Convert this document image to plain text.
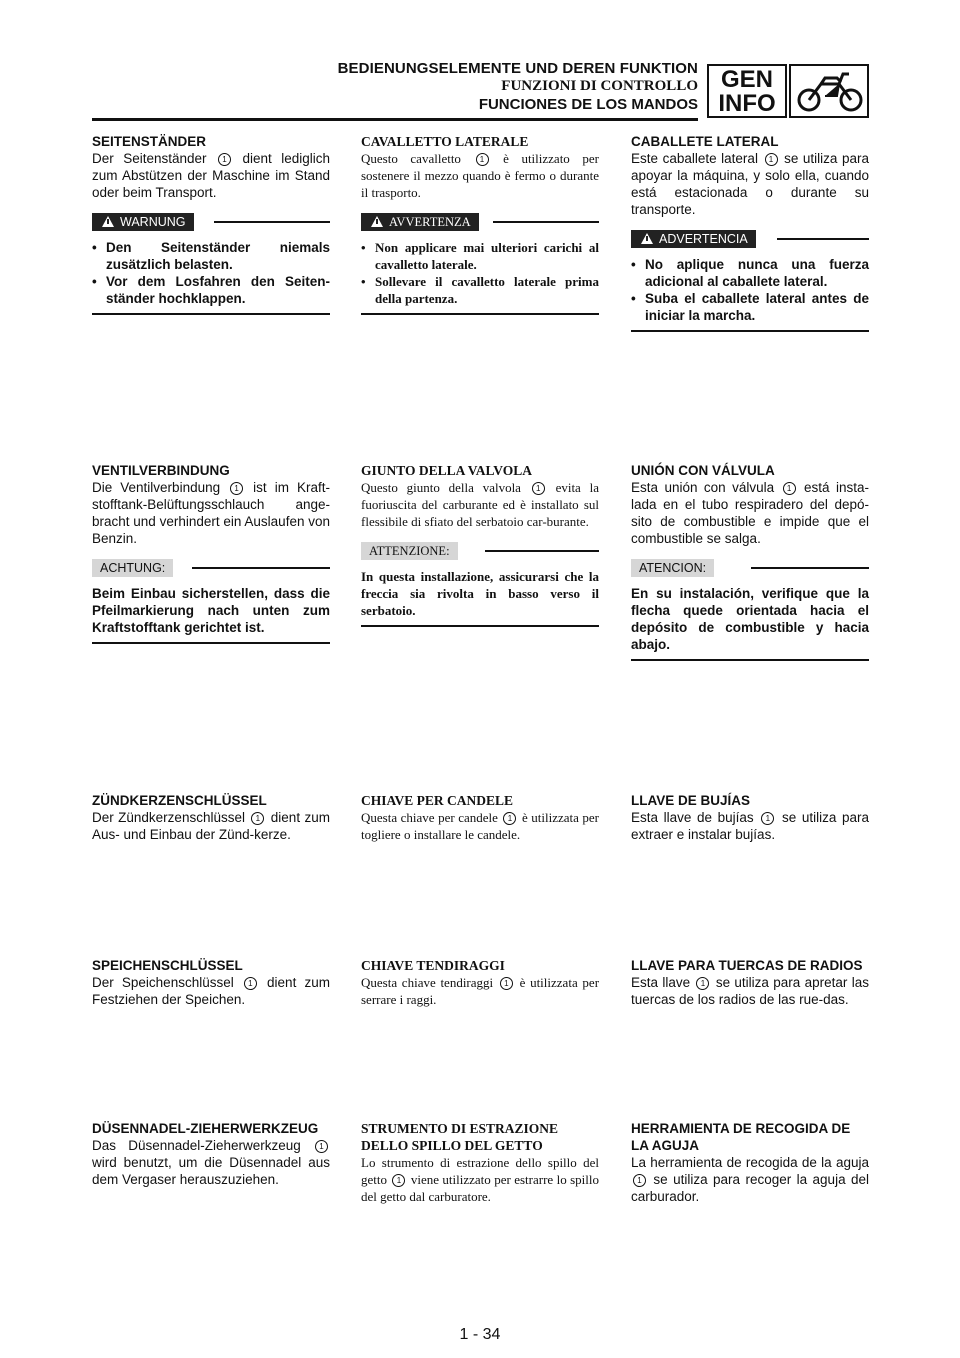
BEDIENUNGSELEMENTE UND DEREN FUNKTION
FUNZIONI DI CONTROLLO
FUNCIONES DE LOS MANDOS
GEN
INFO

SEITENSTÄNDER

Der Seitenständer 1 dient lediglich zum Abstützen der Maschine im Stand oder beim Transport.

WARNUNG
• Den Seitenständer niemals zusätzlich belasten.
• Vor dem Losfahren den Seiten-ständer hochklappen.

CAVALLETTO LATERALE

Questo cavalletto 1 è utilizzato per sostenere il mezzo quando è fermo o durante il trasporto.

AVVERTENZA
• Non applicare mai ulteriori carichi al cavalletto laterale.
• Sollevare il cavalletto laterale prima della partenza.

CABALLETE LATERAL

Este caballete lateral 1 se utiliza para apoyar la máquina, y solo ella, cuando está estacionada o durante su transporte.

ADVERTENCIA
• No aplique nunca una fuerza adicional al caballete lateral.
• Suba el caballete lateral antes de iniciar la marcha.

VENTILVERBINDUNG

Die Ventilverbindung 1 ist im Kraft-stofftank-Belüftungsschlauch ange-bracht und verhindert ein Auslaufen von Benzin.

ACHTUNG:

Beim Einbau sicherstellen, dass die Pfeilmarkierung nach unten zum Kraftstofftank gerichtet ist.

GIUNTO DELLA VALVOLA

Questo giunto della valvola 1 evita la fuoriuscita del carburante ed è installato sul flessibile di sfiato del serbatoio car-burante.

ATTENZIONE:

In questa installazione, assicurarsi che la freccia sia rivolta in basso verso il serbatoio.

UNIÓN CON VÁLVULA

Esta unión con válvula 1 está insta-lada en el tubo respiradero del depó-sito de combustible e impide que el combustible se salga.

ATENCION:

En su instalación, verifique que la flecha quede orientada hacia el depósito de combustible y hacia abajo.

ZÜNDKERZENSCHLÜSSEL

Der Zündkerzenschlüssel 1 dient zum Aus- und Einbau der Zünd-kerze.

CHIAVE PER CANDELE

Questa chiave per candele 1 è utilizzata per togliere o installare le candele.

LLAVE DE BUJÍAS

Esta llave de bujías 1 se utiliza para extraer e instalar bujías.

SPEICHENSCHLÜSSEL

Der Speichenschlüssel 1 dient zum Festziehen der Speichen.

CHIAVE TENDIRAGGI

Questa chiave tendiraggi 1 è utilizzata per serrare i raggi.

LLAVE PARA TUERCAS DE RADIOS

Esta llave 1 se utiliza para apretar las tuercas de los radios de las rue-das.

DÜSENNADEL-ZIEHERWERKZEUG

Das Düsennadel-Zieherwerkzeug 1 wird benutzt, um die Düsennadel aus dem Vergaser herauszuziehen.

STRUMENTO DI ESTRAZIONE DELLO SPILLO DEL GETTO

Lo strumento di estrazione dello spillo del getto 1 viene utilizzato per estrarre lo spillo del getto dal carburatore.

HERRAMIENTA DE RECOGIDA DE LA AGUJA

La herramienta de recogida de la aguja 1 se utiliza para recoger la aguja del carburador.

1 - 34
